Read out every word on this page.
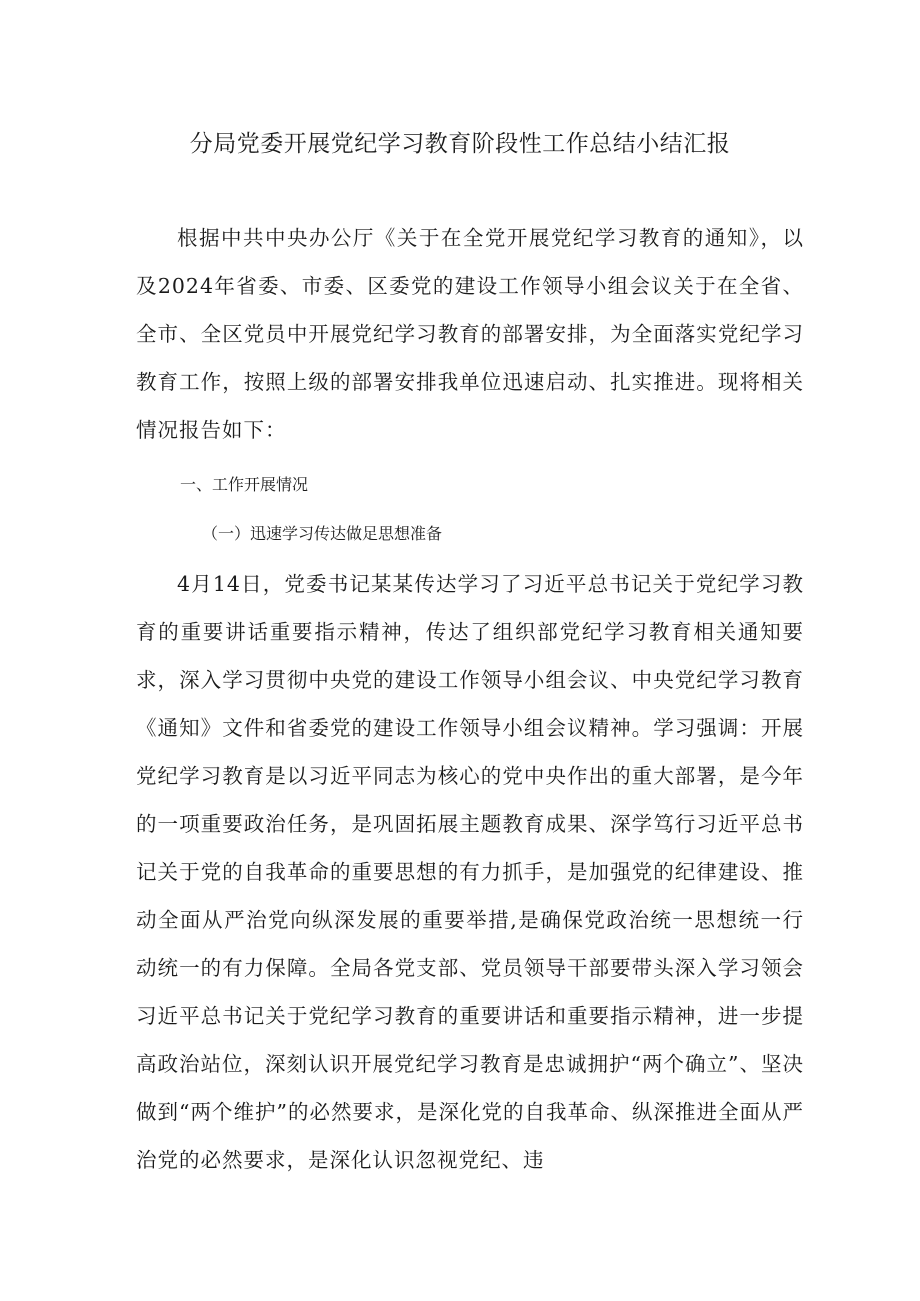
分局党委开展党纪学习教育阶段性工作总结小结汇报

根据中共中央办公厅《关于在全党开展党纪学习教育的通知》，以及2024年省委、市委、区委党的建设工作领导小组会议关于在全省、全市、全区党员中开展党纪学习教育的部署安排，为全面落实党纪学习教育工作，按照上级的部署安排我单位迅速启动、扎实推进。现将相关情况报告如下：

一、工作开展情况
（一）迅速学习传达做足思想准备

4月14日，党委书记某某传达学习了习近平总书记关于党纪学习教育的重要讲话重要指示精神，传达了组织部党纪学习教育相关通知要求，深入学习贯彻中央党的建设工作领导小组会议、中央党纪学习教育《通知》文件和省委党的建设工作领导小组会议精神。学习强调：开展党纪学习教育是以习近平同志为核心的党中央作出的重大部署，是今年的一项重要政治任务，是巩固拓展主题教育成果、深学笃行习近平总书记关于党的自我革命的重要思想的有力抓手，是加强党的纪律建设、推动全面从严治党向纵深发展的重要举措,是确保党政治统一思想统一行动统一的有力保障。全局各党支部、党员领导干部要带头深入学习领会习近平总书记关于党纪学习教育的重要讲话和重要指示精神，进一步提高政治站位，深刻认识开展党纪学习教育是忠诚拥护“两个确立”、坚决做到“两个维护”的必然要求，是深化党的自我革命、纵深推进全面从严治党的必然要求，是深化认识忽视党纪、违
